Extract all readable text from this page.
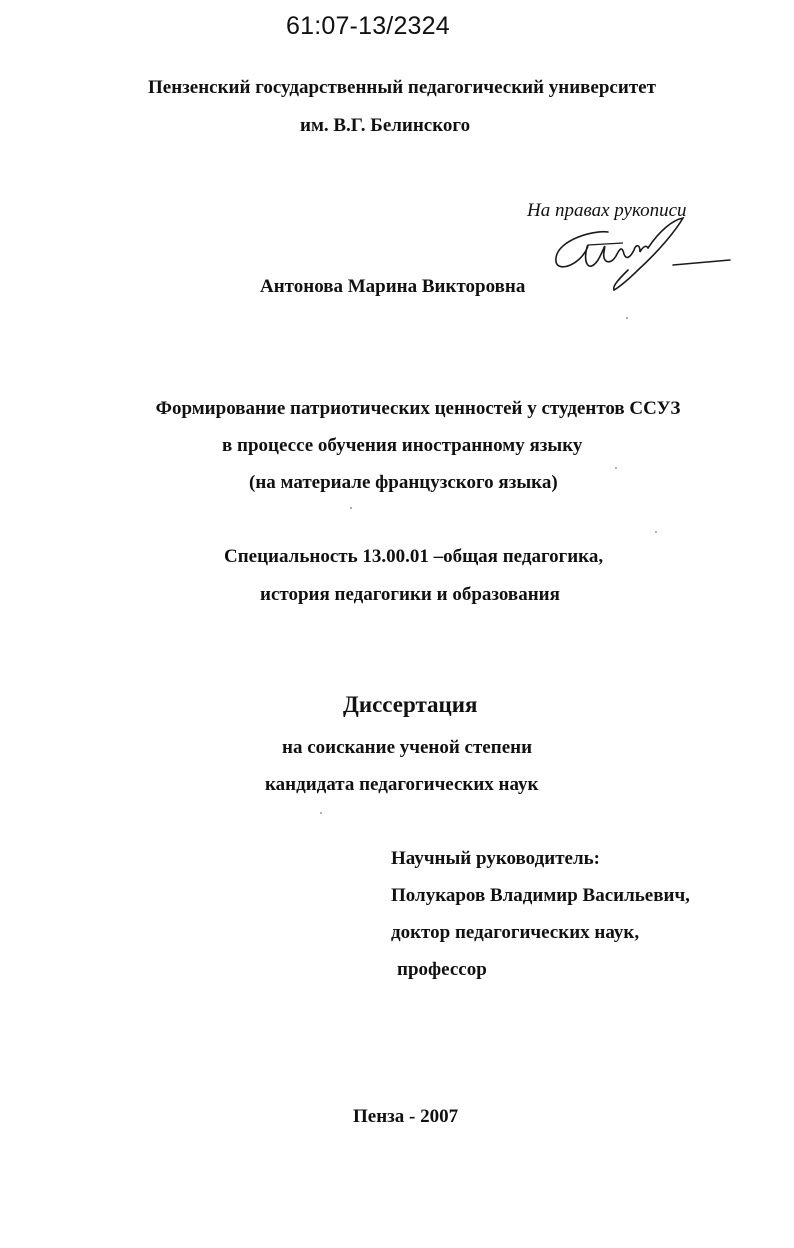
61:07-13/2324
Пензенский государственный педагогический университет
им. В.Г. Белинского
На правах рукописи
Антонова Марина Викторовна
Формирование патриотических ценностей у студентов ССУЗ
в процессе обучения иностранному языку
(на материале французского языка)
Специальность 13.00.01 –общая педагогика,
история педагогики и образования
Диссертация
на соискание ученой степени
кандидата педагогических наук
Научный руководитель:
Полукаров Владимир Васильевич,
доктор педагогических наук,
профессор
Пенза - 2007
